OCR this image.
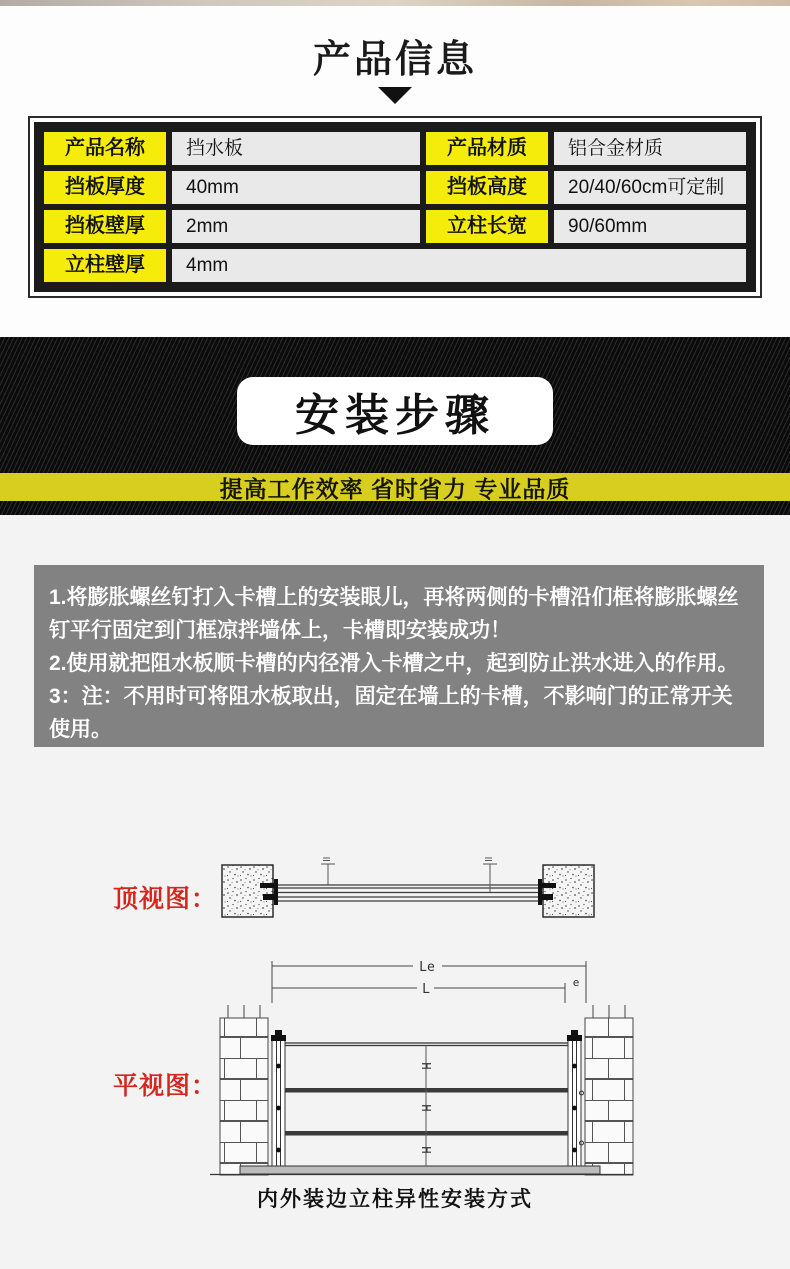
产品信息
产品名称	挡水板	产品材质	铝合金材质
挡板厚度	40mm	挡板高度	20/40/60cm可定制
挡板壁厚	2mm	立柱长宽	90/60mm
立柱壁厚	4mm
安装步骤
提高工作效率 省时省力 专业品质
1.将膨胀螺丝钉打入卡槽上的安装眼儿，再将两侧的卡槽沿们框将膨胀螺丝钉平行固定到门框凉拌墙体上，卡槽即安装成功！
2.使用就把阻水板顺卡槽的内径滑入卡槽之中，起到防止洪水进入的作用。
3：注：不用时可将阻水板取出，固定在墙上的卡槽，不影响门的正常开关使用。
顶视图：
平视图：
Le
L	e
H
H
H
内外装边立柱异性安装方式
